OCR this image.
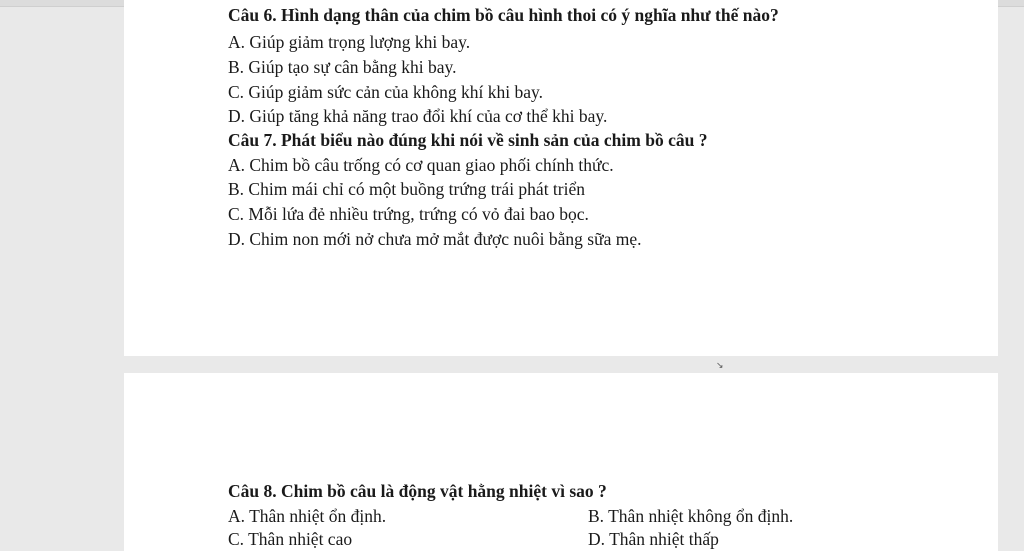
Câu 6. Hình dạng thân của chim bồ câu hình thoi có ý nghĩa như thế nào?
A. Giúp giảm trọng lượng khi bay.
B. Giúp tạo sự cân bằng khi bay.
C. Giúp giảm sức cản của không khí khi bay.
D. Giúp tăng khả năng trao đổi khí của cơ thể khi bay.
Câu 7. Phát biểu nào đúng khi nói về sinh sản của chim bồ câu ?
A. Chim bồ câu trống có cơ quan giao phối chính thức.
B. Chim mái chỉ có một buồng trứng trái phát triển
C. Mỗi lứa đẻ nhiều trứng, trứng có vỏ đai bao bọc.
D. Chim non mới nở chưa mở mắt được nuôi bằng sữa mẹ.
↘
Câu 8. Chim bồ câu là động vật hằng nhiệt vì sao ?
A. Thân nhiệt ổn định.	B. Thân nhiệt không ổn định.
C. Thân nhiệt cao	D. Thân nhiệt thấp
